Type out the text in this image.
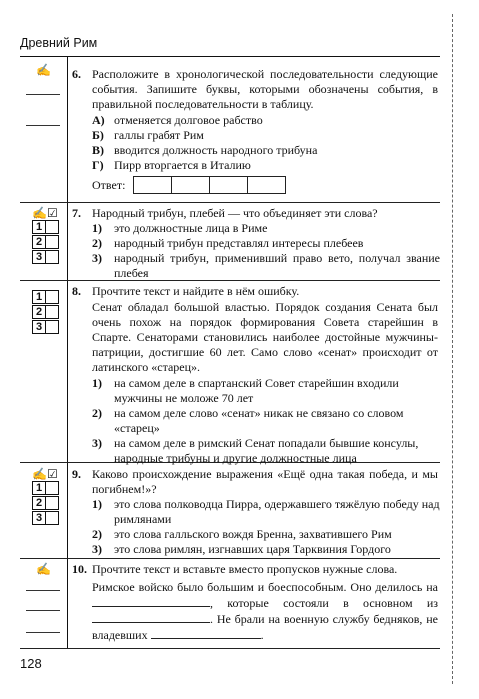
Древний Рим
✍ 6. Расположите в хронологической последовательности следующие события. Запишите буквы, которыми обозначены события, в правильной последовательности в таблицу.

А) отменяется долговое рабство
Б) галлы грабят Рим
В) вводится должность народного трибуна
Г) Пирр вторгается в Италию
Ответ:
✍☑
1
2
3
7. Народный трибун, плебей — что объединяет эти слова?

1) это должностные лица в Риме
2) народный трибун представлял интересы плебеев
3)	народный трибун, применивший право вето, получал звание плебея
1
2
3
8. Прочтите текст и найдите в нём ошибку.

Сенат обладал большой властью. Порядок создания Сената был очень похож на порядок формирования Совета старейшин в Спарте. Сенаторами становились наиболее достойные мужчины-патриции, достигшие 60 лет. Само слово «сенат» происходит от латинского «старец».

1)	на самом деле в спартанский Совет старейшин входили мужчины не моложе 70 лет
2)	на самом деле слово «сенат» никак не связано со словом «старец»
3)	на самом деле в римский Сенат попадали бывшие консулы, народные трибуны и другие должностные лица
✍☑
1
2
3
9. Каково происхождение выражения «Ещё одна такая победа, и мы погибнем!»?

1)	это слова полководца Пирра, одержавшего тяжёлую победу над римлянами
2) это слова галльского вождя Бренна, захватившего Рим
3) это слова римлян, изгнавших царя Тарквиния Гордого
✍ 10. Прочтите текст и вставьте вместо пропусков нужные слова.

Римское войско было большим и боеспособным. Оно делилось на , которые состояли в основном из . Не брали на военную службу бедняков, не владевших	.

128
